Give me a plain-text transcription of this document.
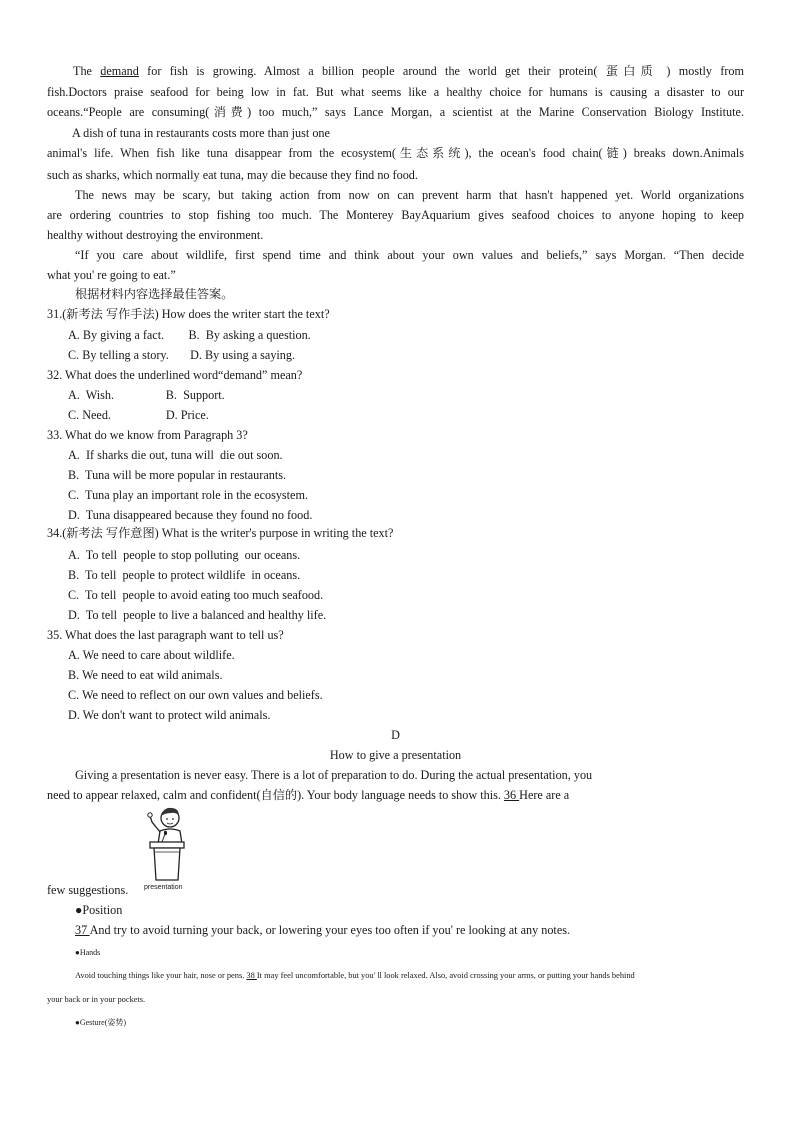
The demand for fish is growing. Almost a billion people around the world get their protein( 蛋白质 ) mostly from
fish.Doctors praise seafood for being low in fat. But what seems like a healthy choice for humans is causing a disaster to our
oceans.“People are consuming(消费) too much,” says Lance Morgan, a scientist at the Marine Conservation Biology Institute.
A dish of tuna in restaurants costs more than just one
animal's life. When fish like tuna disappear from the ecosystem(生态系统), the ocean's food chain(链) breaks down.Animals
such as sharks, which normally eat tuna, may die because they find no food.
The news may be scary, but taking action from now on can prevent harm that hasn't happened yet. World organizations
are ordering countries to stop fishing too much. The Monterey BayAquarium gives seafood choices to anyone hoping to keep
healthy without destroying the environment.
“If you care about wildlife, first spend time and think about your own values and beliefs,” says Morgan. “Then decide
what you' re going to eat.”
根据材料内容选择最佳答案。
31.(新考法 写作手法) How does the writer start the text?
A. By giving a fact.        B.  By asking a question.
C. By telling a story.       D. By using a saying.
32. What does the underlined word“demand” mean?
A.  Wish.                 B.  Support.
C. Need.                  D. Price.
33. What do we know from Paragraph 3?
A.  If sharks die out, tuna will  die out soon.
B.  Tuna will be more popular in restaurants.
C.  Tuna play an important role in the ecosystem.
D.  Tuna disappeared because they found no food.
34.(新考法 写作意图) What is the writer's purpose in writing the text?
A.  To tell  people to stop polluting  our oceans.
B.  To tell  people to protect wildlife  in oceans.
C.  To tell  people to avoid eating too much seafood.
D.  To tell  people to live a balanced and healthy life.
35. What does the last paragraph want to tell us?
A. We need to care about wildlife.
B. We need to eat wild animals.
C. We need to reflect on our own values and beliefs.
D. We don't want to protect wild animals.
D
How to give a presentation
Giving a presentation is never easy. There is a lot of preparation to do. During the actual presentation, you
need to appear relaxed, calm and confident(自信的). Your body language needs to show this. 36 Here are a
few suggestions. presentation
●Position
37 And try to avoid turning your back, or lowering your eyes too often if you' re looking at any notes.
●Hands
Avoid touching things like your hair, nose or pens. 38 It may feel uncomfortable, but you' ll look relaxed. Also, avoid crossing your arms, or putting your hands behind
your back or in your pockets.
●Gesture(姿势)
